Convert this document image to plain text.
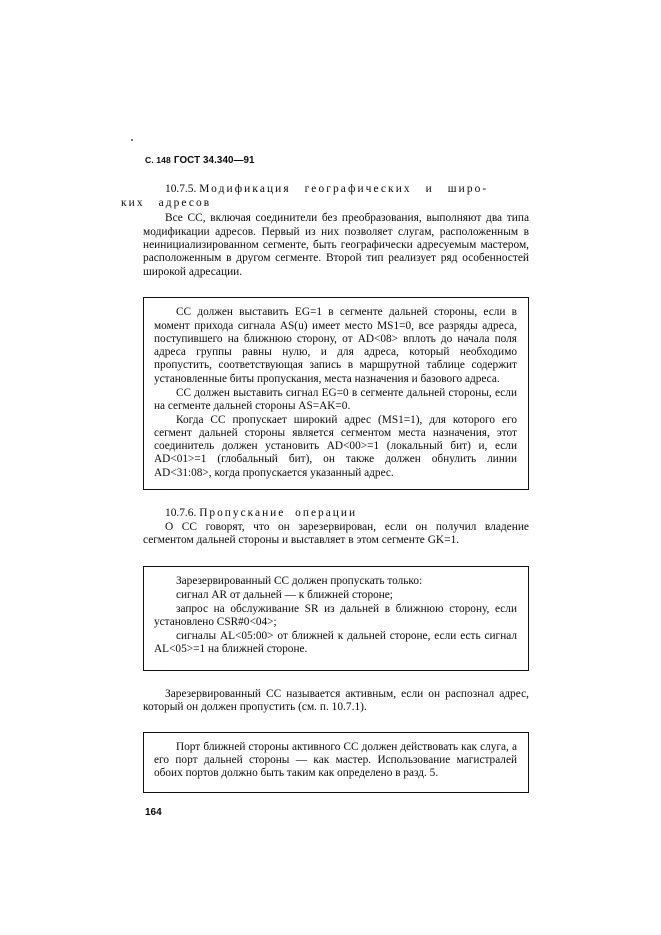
С. 148 ГОСТ 34.340—91
10.7.5. Модификация географических и широ-
ких адресов

Все СС, включая соединители без преобразования, выполняют два типа модификации адресов. Первый из них позволяет слугам, расположенным в неинициализированном сегменте, быть географически адресуемым мастером, расположенным в другом сегменте. Второй тип реализует ряд особенностей широкой адресации.

СС должен выставить EG=1 в сегменте дальней стороны, если в момент прихода сигнала AS(u) имеет место MS1=0, все разряды адреса, поступившего на ближнюю сторону, от AD<08> вплоть до начала поля адреса группы равны нулю, и для адреса, который необходимо пропустить, соответствующая запись в маршрутной таблице содержит установленные биты пропускания, места назначения и базового адреса.

СС должен выставить сигнал EG=0 в сегменте дальней стороны, если на сегменте дальней стороны AS=AK=0.

Когда СС пропускает широкий адрес (MS1=1), для которого его сегмент дальней стороны является сегментом места назначения, этот соединитель должен установить AD<00>=1 (локальный бит) и, если AD<01>=1 (глобальный бит), он также должен обнулить линии AD<31:08>, когда пропускается указанный адрес.

10.7.6. Пропускание операции

О СС говорят, что он зарезервирован, если он получил владение сегментом дальней стороны и выставляет в этом сегменте GK=1.

Зарезервированный СС должен пропускать только:

сигнал AR от дальней — к ближней стороне;

запрос на обслуживание SR из дальней в ближнюю сторону, если установлено CSR#0<04>;

сигналы AL<05:00> от ближней к дальней стороне, если есть сигнал AL<05>=1 на ближней стороне.

Зарезервированный СС называется активным, если он распознал адрес, который он должен пропустить (см. п. 10.7.1).

Порт ближней стороны активного СС должен действовать как слуга, а его порт дальней стороны — как мастер. Использование магистралей обоих портов должно быть таким как определено в разд. 5.

164
